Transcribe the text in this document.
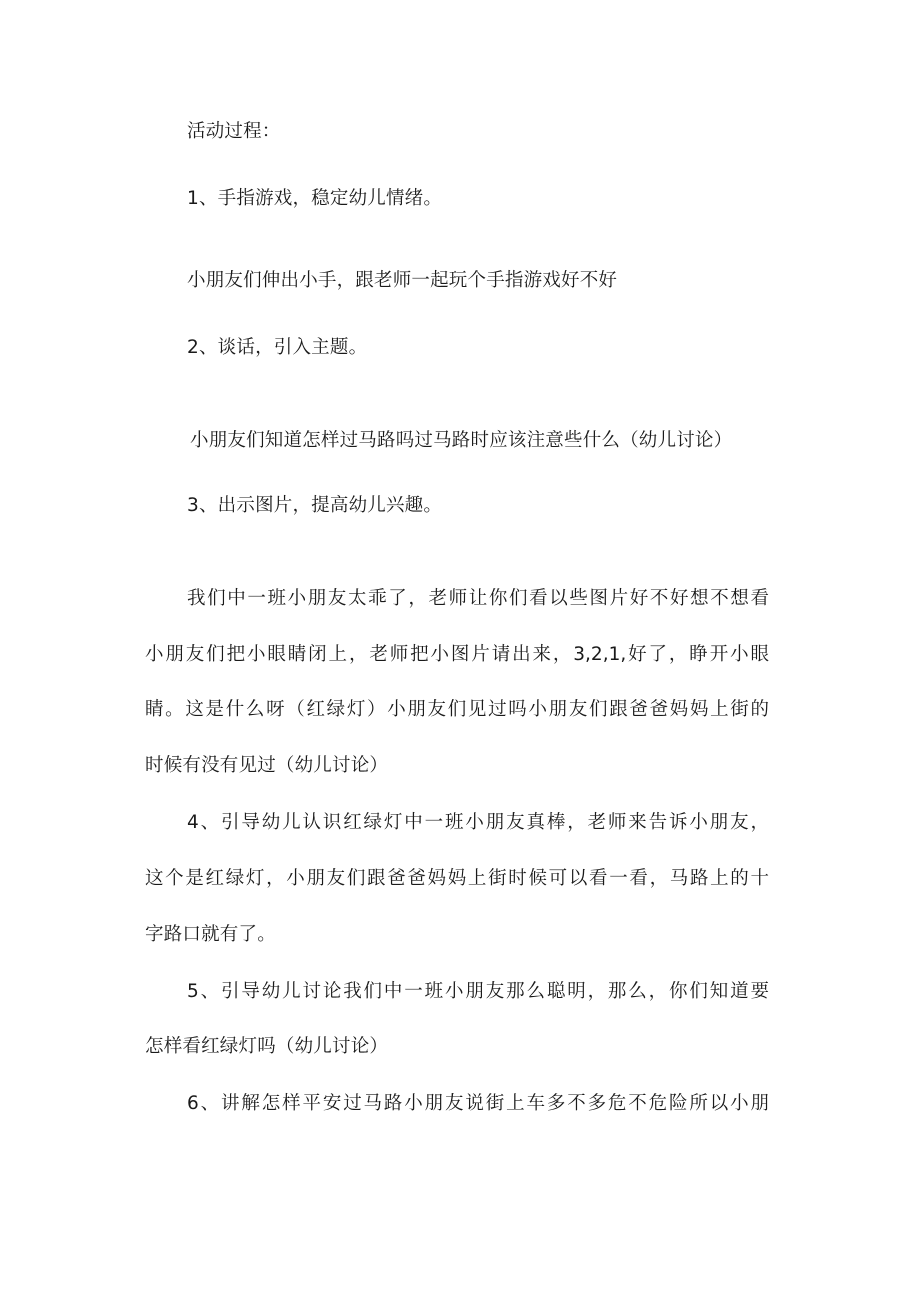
活动过程：
1、手指游戏，稳定幼儿情绪。
小朋友们伸出小手，跟老师一起玩个手指游戏好不好
2、谈话，引入主题。
小朋友们知道怎样过马路吗过马路时应该注意些什么（幼儿讨论）
3、出示图片，提高幼儿兴趣。
我们中一班小朋友太乖了，老师让你们看以些图片好不好想不想看
小朋友们把小眼睛闭上，老师把小图片请出来，3,2,1,好了，睁开小眼
睛。这是什么呀（红绿灯）小朋友们见过吗小朋友们跟爸爸妈妈上街的
时候有没有见过（幼儿讨论）
4、引导幼儿认识红绿灯中一班小朋友真棒，老师来告诉小朋友，
这个是红绿灯，小朋友们跟爸爸妈妈上街时候可以看一看，马路上的十
字路口就有了。
5、引导幼儿讨论我们中一班小朋友那么聪明，那么，你们知道要
怎样看红绿灯吗（幼儿讨论）
6、讲解怎样平安过马路小朋友说街上车多不多危不危险所以小朋
